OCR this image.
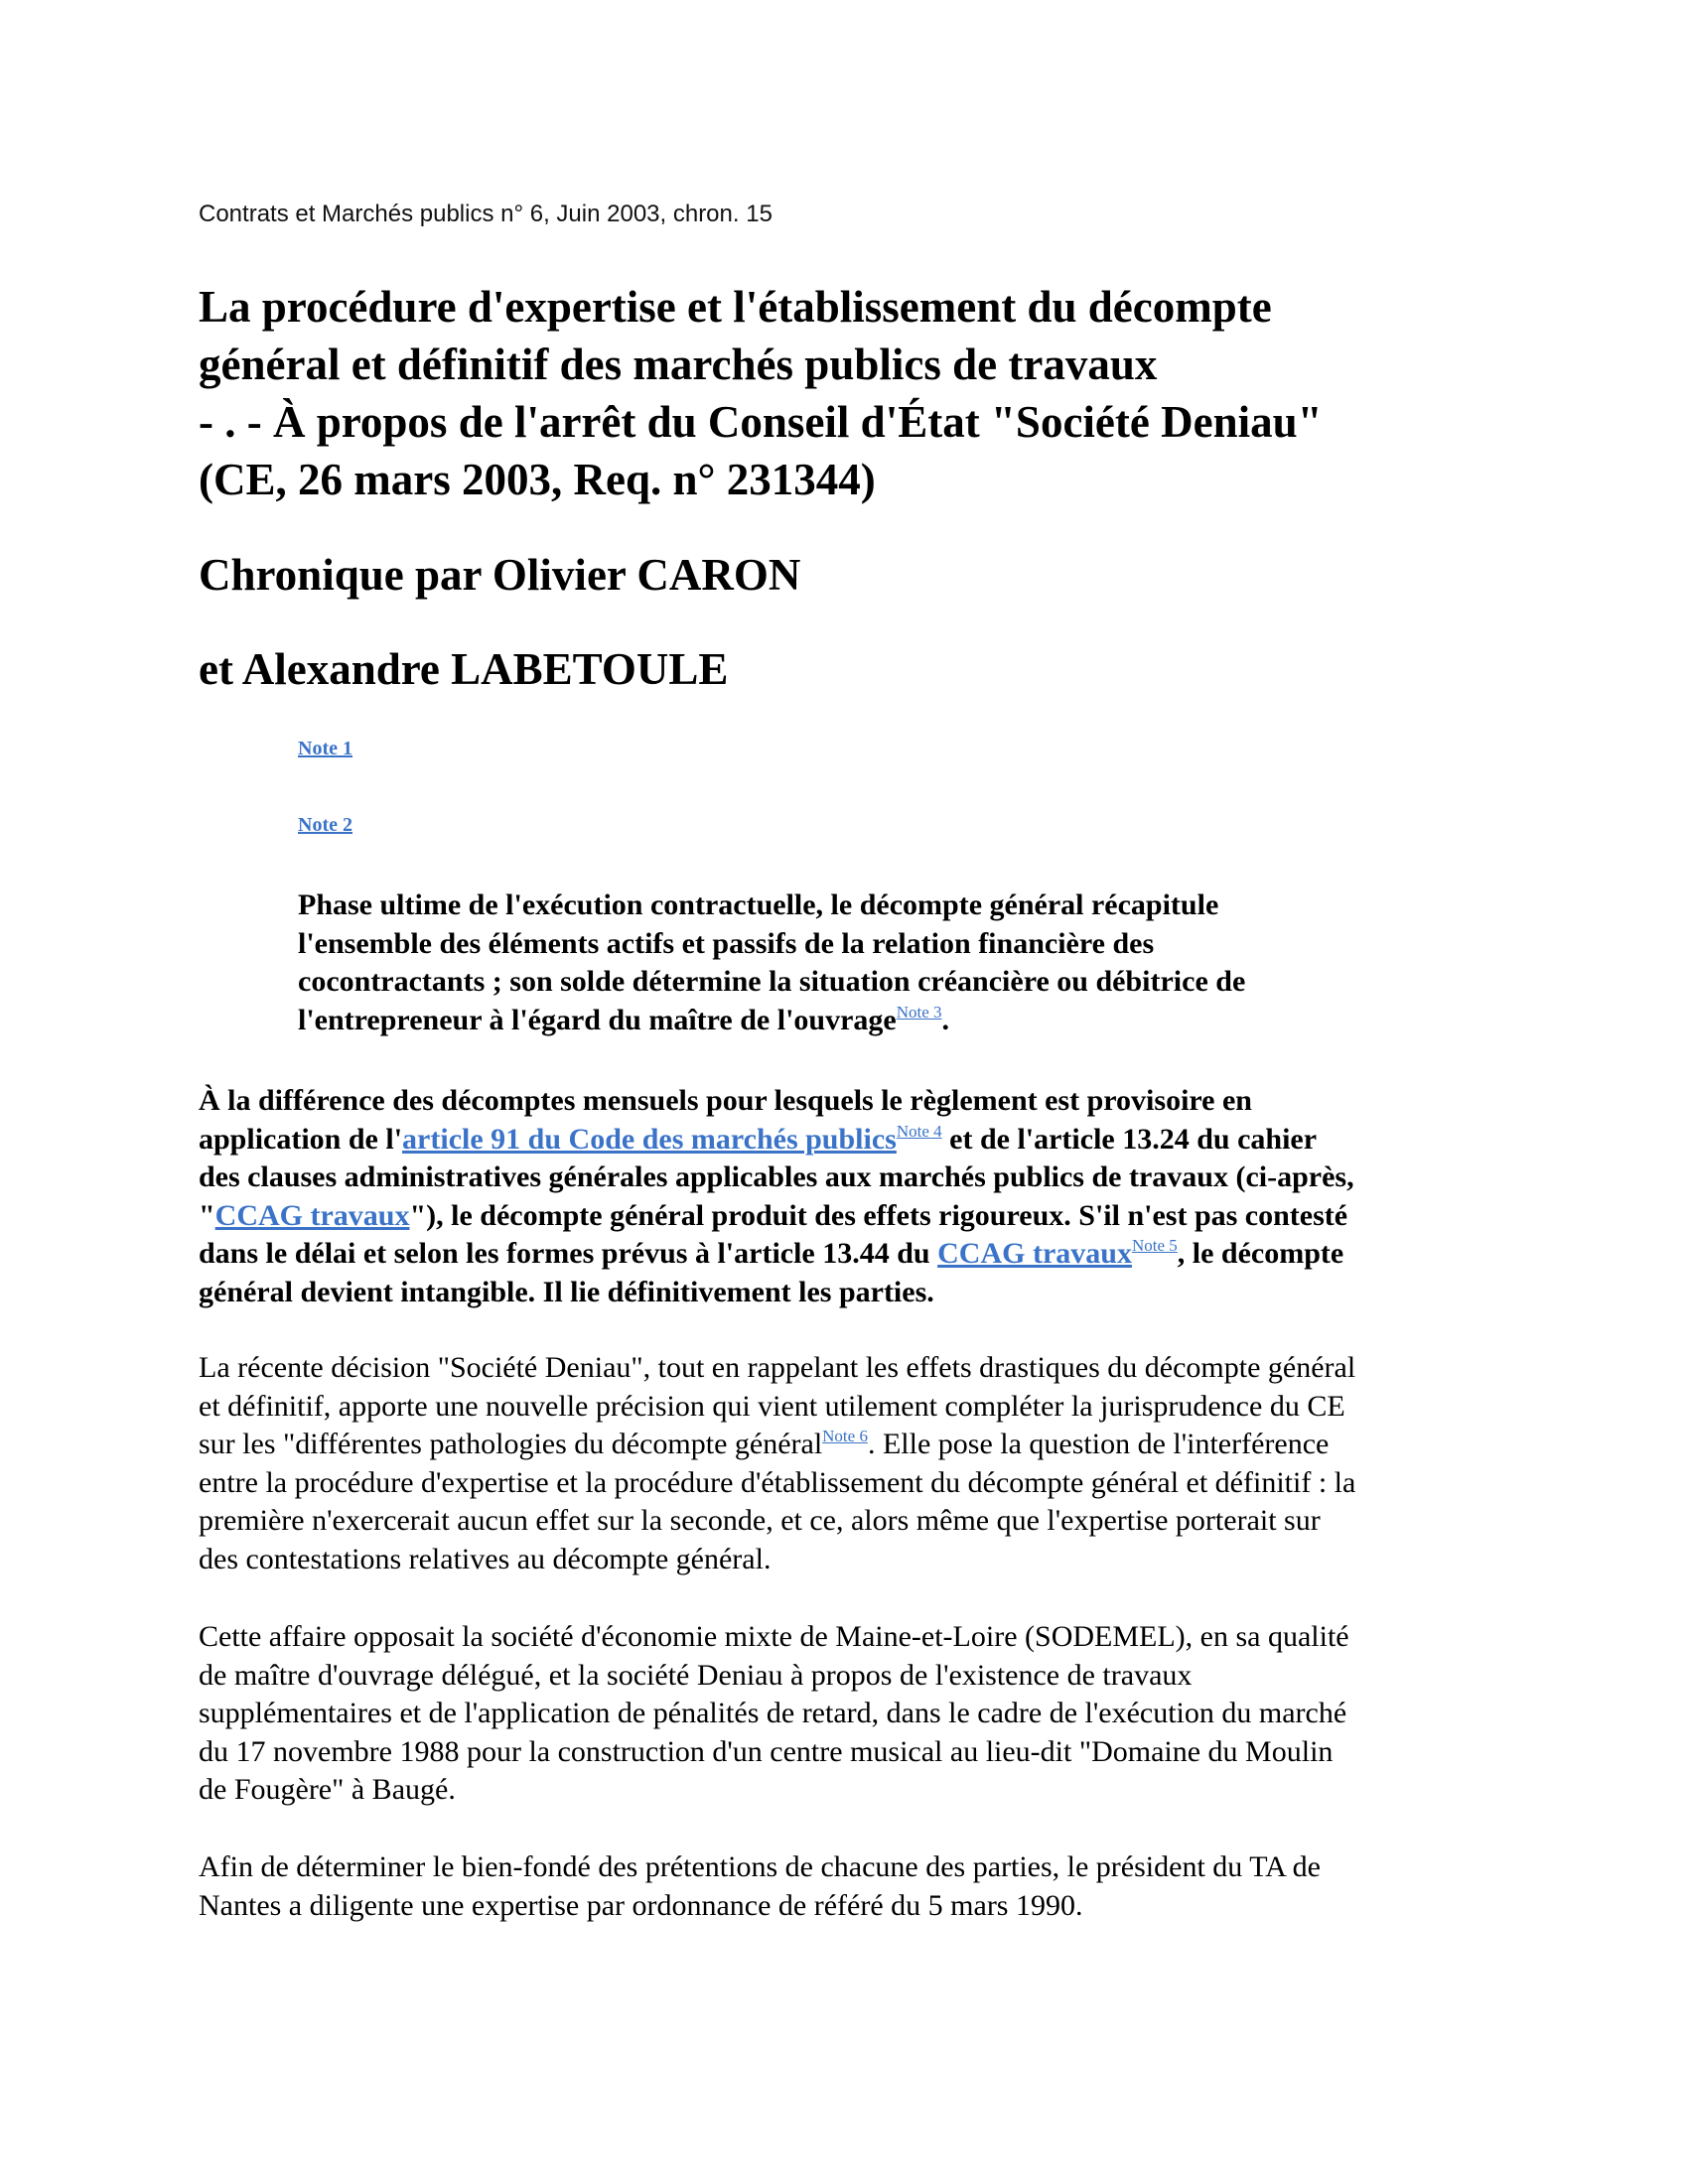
Contrats et Marchés publics n° 6, Juin 2003, chron. 15
La procédure d'expertise et l'établissement du décompte
général et définitif des marchés publics de travaux
- . - À propos de l'arrêt du Conseil d'État "Société Deniau"
(CE, 26 mars 2003, Req. n° 231344)
Chronique par Olivier CARON
et Alexandre LABETOULE
Note 1
Note 2
Phase ultime de l'exécution contractuelle, le décompte général récapitule
l'ensemble des éléments actifs et passifs de la relation financière des
cocontractants ; son solde détermine la situation créancière ou débitrice de
l'entrepreneur à l'égard du maître de l'ouvrage$^{Note 3}$.
À la différence des décomptes mensuels pour lesquels le règlement est provisoire en
application de l'article 91 du Code des marchés publics$^{Note 4}$ et de l'article 13.24 du cahier
des clauses administratives générales applicables aux marchés publics de travaux (ci-après,
"CCAG travaux"), le décompte général produit des effets rigoureux. S'il n'est pas contesté
dans le délai et selon les formes prévus à l'article 13.44 du CCAG travaux$^{Note 5}$, le décompte
général devient intangible. Il lie définitivement les parties.
La récente décision "Société Deniau", tout en rappelant les effets drastiques du décompte général
et définitif, apporte une nouvelle précision qui vient utilement compléter la jurisprudence du CE
sur les "différentes pathologies du décompte général$^{Note 6}$. Elle pose la question de l'interférence
entre la procédure d'expertise et la procédure d'établissement du décompte général et définitif : la
première n'exercerait aucun effet sur la seconde, et ce, alors même que l'expertise porterait sur
des contestations relatives au décompte général.
Cette affaire opposait la société d'économie mixte de Maine-et-Loire (SODEMEL), en sa qualité
de maître d'ouvrage délégué, et la société Deniau à propos de l'existence de travaux
supplémentaires et de l'application de pénalités de retard, dans le cadre de l'exécution du marché
du 17 novembre 1988 pour la construction d'un centre musical au lieu-dit "Domaine du Moulin
de Fougère" à Baugé.
Afin de déterminer le bien-fondé des prétentions de chacune des parties, le président du TA de
Nantes a diligente une expertise par ordonnance de référé du 5 mars 1990.
